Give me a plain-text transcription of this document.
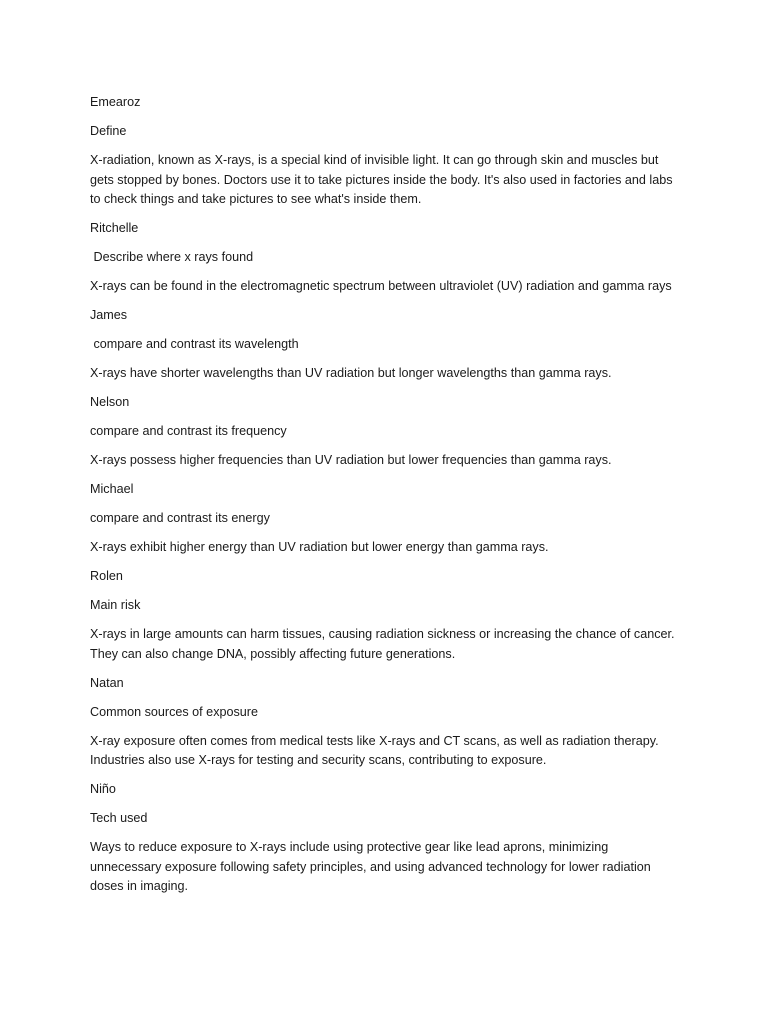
Emearoz

Define

X-radiation, known as X-rays, is a special kind of invisible light. It can go through skin and muscles but gets stopped by bones. Doctors use it to take pictures inside the body. It's also used in factories and labs to check things and take pictures to see what's inside them.

Ritchelle

Describe where x rays found

X-rays can be found in the electromagnetic spectrum between ultraviolet (UV) radiation and gamma rays

James

compare and contrast its wavelength

X-rays have shorter wavelengths than UV radiation but longer wavelengths than gamma rays.

Nelson

compare and contrast its frequency

X-rays possess higher frequencies than UV radiation but lower frequencies than gamma rays.

Michael

compare and contrast its energy

X-rays exhibit higher energy than UV radiation but lower energy than gamma rays.

Rolen

Main risk

X-rays in large amounts can harm tissues, causing radiation sickness or increasing the chance of cancer. They can also change DNA, possibly affecting future generations.

Natan

Common sources of exposure

X-ray exposure often comes from medical tests like X-rays and CT scans, as well as radiation therapy. Industries also use X-rays for testing and security scans, contributing to exposure.

Niño

Tech used

Ways to reduce exposure to X-rays include using protective gear like lead aprons, minimizing unnecessary exposure following safety principles, and using advanced technology for lower radiation doses in imaging.
